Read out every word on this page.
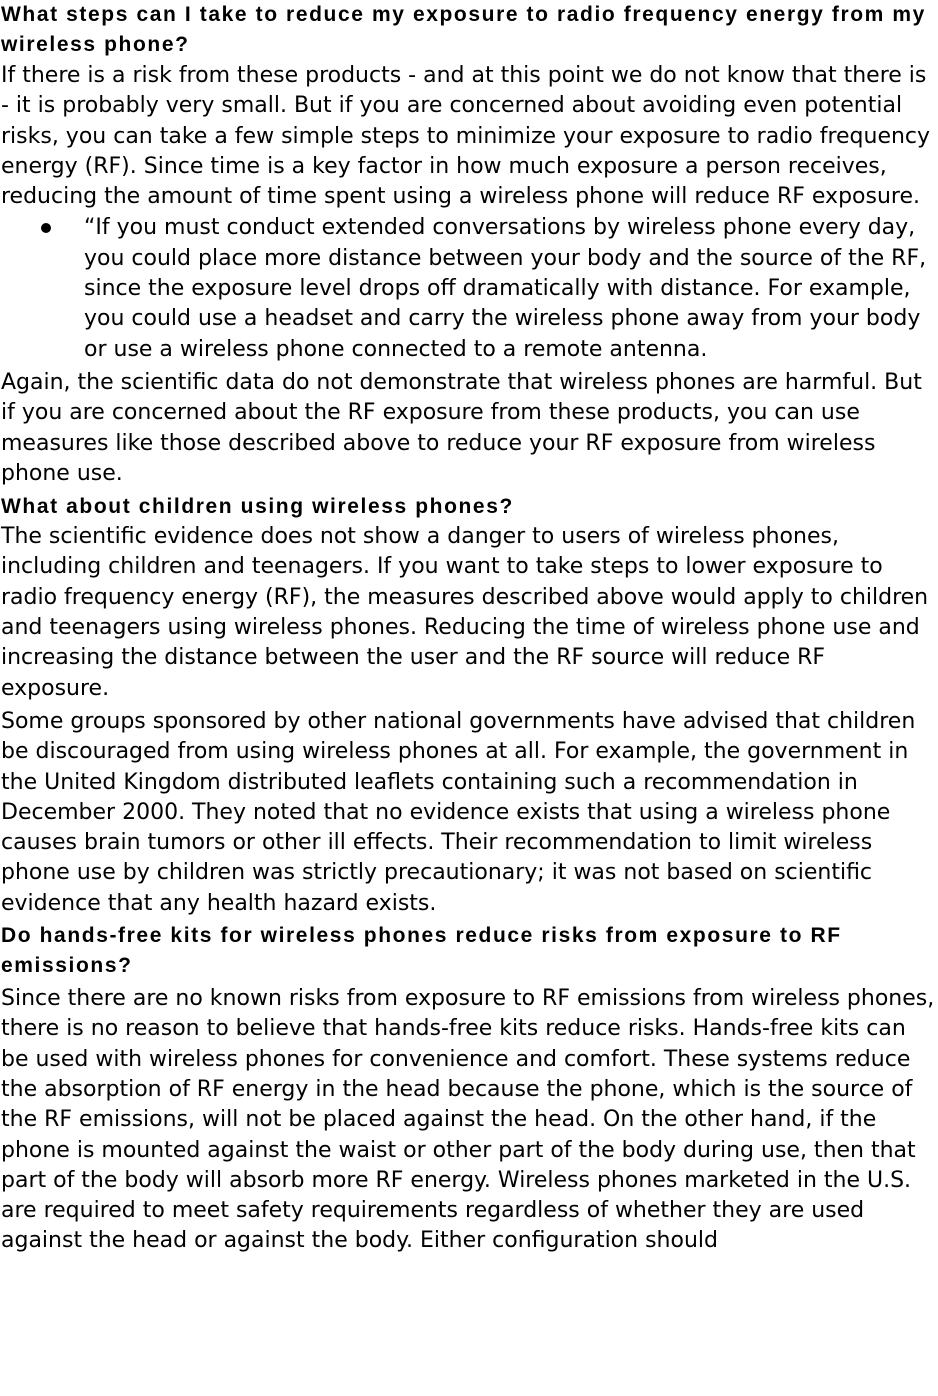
What steps can I take to reduce my exposure to radio frequency energy from my wireless phone?

If there is a risk from these products - and at this point we do not know that there is - it is probably very small. But if you are concerned about avoiding even potential risks, you can take a few simple steps to minimize your exposure to radio frequency energy (RF). Since time is a key factor in how much exposure a person receives, reducing the amount of time spent using a wireless phone will reduce RF exposure.

“If you must conduct extended conversations by wireless phone every day, you could place more distance between your body and the source of the RF, since the exposure level drops off dramatically with distance. For example, you could use a headset and carry the wireless phone away from your body or use a wireless phone connected to a remote antenna.

Again, the scientific data do not demonstrate that wireless phones are harmful. But if you are concerned about the RF exposure from these products, you can use measures like those described above to reduce your RF exposure from wireless phone use.

What about children using wireless phones?

The scientific evidence does not show a danger to users of wireless phones, including children and teenagers. If you want to take steps to lower exposure to radio frequency energy (RF), the measures described above would apply to children and teenagers using wireless phones. Reducing the time of wireless phone use and increasing the distance between the user and the RF source will reduce RF exposure.

Some groups sponsored by other national governments have advised that children be discouraged from using wireless phones at all. For example, the government in the United Kingdom distributed leaflets containing such a recommendation in December 2000. They noted that no evidence exists that using a wireless phone causes brain tumors or other ill effects. Their recommendation to limit wireless phone use by children was strictly precautionary; it was not based on scientific evidence that any health hazard exists.

Do hands-free kits for wireless phones reduce risks from exposure to RF emissions?

Since there are no known risks from exposure to RF emissions from wireless phones, there is no reason to believe that hands-free kits reduce risks. Hands-free kits can be used with wireless phones for convenience and comfort. These systems reduce the absorption of RF energy in the head because the phone, which is the source of the RF emissions, will not be placed against the head. On the other hand, if the phone is mounted against the waist or other part of the body during use, then that part of the body will absorb more RF energy. Wireless phones marketed in the U.S. are required to meet safety requirements regardless of whether they are used against the head or against the body. Either configuration should
